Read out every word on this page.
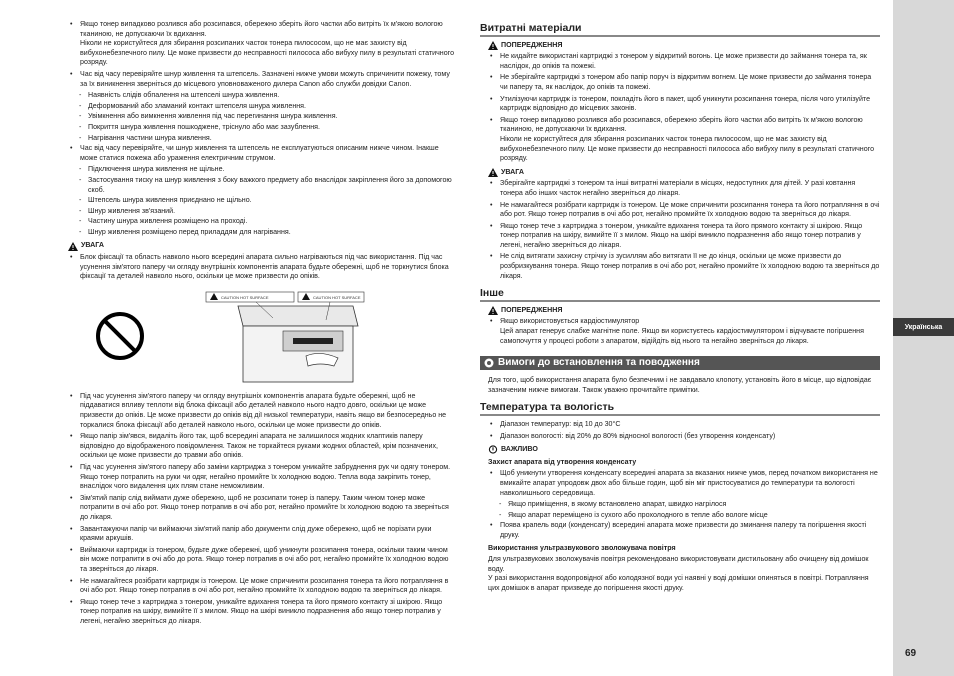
Українська
69
• Якщо тонер випадково розлився або розсипався, обережно зберіть його частки або витріть їх м'якою вологою тканиною, не допускаючи їх вдихання.
Ніколи не користуйтеся для збирання розсипаних часток тонера пилососом, що не має захисту від вибухонебезпечного пилу. Це може призвести до несправності пилососа або вибуху пилу в результаті статичного розряду.
• Час від часу перевіряйте шнур живлення та штепсель. Зазначені нижче умови можуть спричинити пожежу, тому за їх виникнення зверніться до місцевого уповноваженого дилера Canon або служби довідки Canon.
- Наявність слідів обпалення на штепселі шнура живлення.
- Деформований або зламаний контакт штепселя шнура живлення.
- Увімкнення або вимкнення живлення під час перегинання шнура живлення.
- Покриття шнура живлення пошкоджене, тріснуло або має зазублення.
- Нагрівання частини шнура живлення.
• Час від часу перевіряйте, чи шнур живлення та штепсель не експлуатуються описаним нижче чином. Інакше може статися пожежа або ураження електричним струмом.
- Підключення шнура живлення не щільне.
- Застосування тиску на шнур живлення з боку важкого предмету або внаслідок закріплення його за допомогою скоб.
- Штепсель шнура живлення приєднано не щільно.
- Шнур живлення зв'язаний.
- Частину шнура живлення розміщено на проході.
- Шнур живлення розміщено перед приладдям для нагрівання.
УВАГА
• Блок фіксації та область навколо нього всередині апарата сильно нагріваються під час використання. Під час усунення зім'ятого паперу чи огляду внутрішніх компонентів апарата будьте обережні, щоб не торкнутися блока фіксації та деталей навколо нього, оскільки це може призвести до опіків.
CAUTION HOT SURFACE	CAUTION HOT SURFACE
• Під час усунення зім'ятого паперу чи огляду внутрішніх компонентів апарата будьте обережні, щоб не піддаватися впливу теплоти від блока фіксації або деталей навколо нього надто довго, оскільки це може призвести до опіків. Це може призвести до опіків від дії низької температури, навіть якщо ви безпосередньо не торкалися блока фіксації або деталей навколо нього, оскільки це може призвести до опіків.
• Якщо папір зім'явся, видаліть його так, щоб всередині апарата не залишилося жодних клаптиків паперу відповідно до відображеного повідомлення. Також не торкайтеся руками жодних областей, крім позначених, оскільки це може призвести до травми або опіків.
• Під час усунення зім'ятого паперу або заміни картриджа з тонером уникайте забруднення рук чи одягу тонером. Якщо тонер потрапить на руки чи одяг, негайно промийте їх холодною водою. Тепла вода закріпить тонер, внаслідок чого видалення цих плям стане неможливим.
• Зім'ятий папір слід виймати дуже обережно, щоб не розсипати тонер із паперу. Таким чином тонер може потрапити в очі або рот. Якщо тонер потрапив в очі або рот, негайно промийте їх холодною водою та зверніться до лікаря.
• Завантажуючи папір чи виймаючи зім'ятий папір або документи слід дуже обережно, щоб не порізати руки краями аркушів.
• Виймаючи картридж із тонером, будьте дуже обережні, щоб уникнути розсипання тонера, оскільки таким чином він може потрапити в очі або до рота. Якщо тонер потрапив в очі або рот, негайно промийте їх холодною водою та зверніться до лікаря.
• Не намагайтеся розібрати картридж із тонером. Це може спричинити розсипання тонера та його потрапляння в очі або рот. Якщо тонер потрапив в очі або рот, негайно промийте їх холодною водою та зверніться до лікаря.
• Якщо тонер тече з картриджа з тонером, уникайте вдихання тонера та його прямого контакту зі шкірою. Якщо тонер потрапив на шкіру, вимийте її з милом. Якщо на шкірі виникло подразнення або якщо тонер потрапив у легені, негайно зверніться до лікаря.
Витратні матеріали
ПОПЕРЕДЖЕННЯ
• Не кидайте використані картриджі з тонером у відкритий вогонь. Це може призвести до займання тонера та, як наслідок, до опіків та пожежі.
• Не зберігайте картриджі з тонером або папір поруч із відкритим вогнем. Це може призвести до займання тонера чи паперу та, як наслідок, до опіків та пожежі.
• Утилізуючи картридж із тонером, покладіть його в пакет, щоб уникнути розсипання тонера, після чого утилізуйте картридж відповідно до місцевих законів.
• Якщо тонер випадково розлився або розсипався, обережно зберіть його частки або витріть їх м'якою вологою тканиною, не допускаючи їх вдихання.
Ніколи не користуйтеся для збирання розсипаних часток тонера пилососом, що не має захисту від вибухонебезпечного пилу. Це може призвести до несправності пилососа або вибуху пилу в результаті статичного розряду.
УВАГА
• Зберігайте картриджі з тонером та інші витратні матеріали в місцях, недоступних для дітей. У разі ковтання тонера або інших часток негайно зверніться до лікаря.
• Не намагайтеся розібрати картридж із тонером. Це може спричинити розсипання тонера та його потрапляння в очі або рот. Якщо тонер потрапив в очі або рот, негайно промийте їх холодною водою та зверніться до лікаря.
• Якщо тонер тече з картриджа з тонером, уникайте вдихання тонера та його прямого контакту зі шкірою. Якщо тонер потрапив на шкіру, вимийте її з милом. Якщо на шкірі виникло подразнення або якщо тонер потрапив у легені, негайно зверніться до лікаря.
• Не слід витягати захисну стрічку із зусиллям або витягати її не до кінця, оскільки це може призвести до розбризкування тонера. Якщо тонер потрапив в очі або рот, негайно промийте їх холодною водою та зверніться до лікаря.
Інше
ПОПЕРЕДЖЕННЯ
• Якщо використовується кардіостимулятор
Цей апарат генерує слабке магнітне поле. Якщо ви користуєтесь кардіостимулятором і відчуваєте погіршення самопочуття у процесі роботи з апаратом, відійдіть від нього та негайно зверніться до лікаря.
Вимоги до встановлення та поводження
Для того, щоб використання апарата було безпечним і не завдавало клопоту, установіть його в місце, що відповідає зазначеним нижче вимогам. Також уважно прочитайте примітки.
Температура та вологість
• Діапазон температур: від 10 до 30°C
• Діапазон вологості: від 20% до 80% відносної вологості (без утворення конденсату)
ВАЖЛИВО
Захист апарата від утворення конденсату
• Щоб уникнути утворення конденсату всередині апарата за вказаних нижче умов, перед початком використання не вмикайте апарат упродовж двох або більше годин, щоб він міг пристосуватися до температури та вологості навколишнього середовища.
- Якщо приміщення, в якому встановлено апарат, швидко нагрілося
- Якщо апарат переміщено із сухого або прохолодного в тепле або вологе місце
• Поява крапель води (конденсату) всередині апарата може призвести до зминання паперу та погіршення якості друку.
Використання ультразвукового зволожувача повітря
Для ультразвукових зволожувачів повітря рекомендовано використовувати дистильовану або очищену від домішок воду.
У разі використання водопровідної або колодязної води усі наявні у воді домішки опиняться в повітрі. Потрапляння цих домішок в апарат призведе до погіршення якості друку.
